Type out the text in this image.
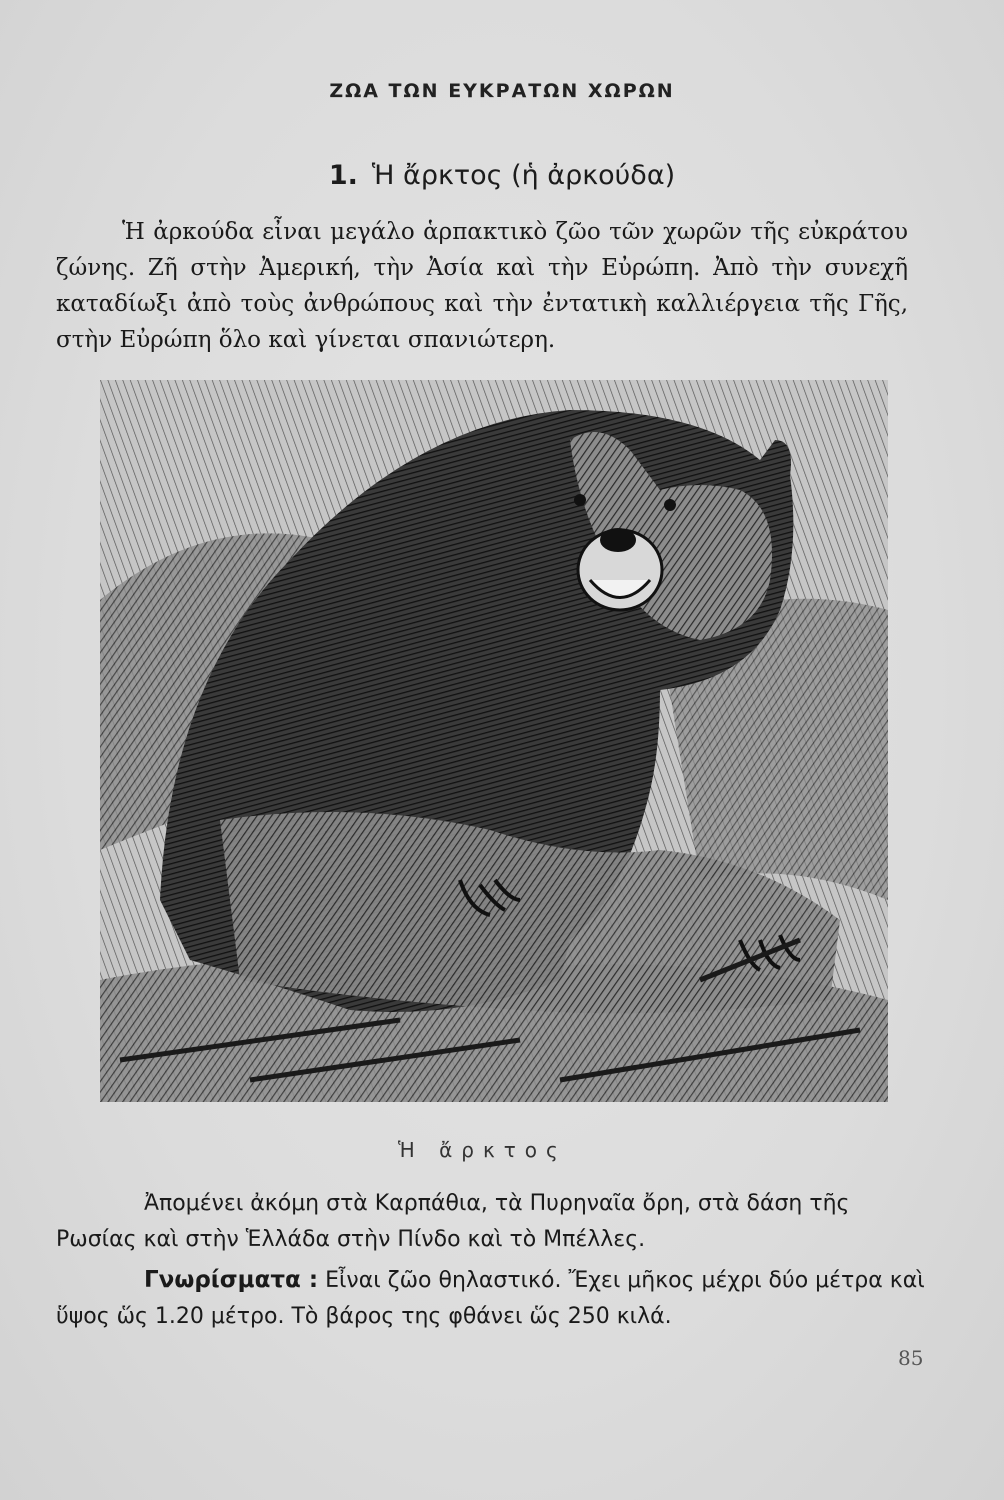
ΖΩΑ ΤΩΝ ΕΥΚΡΑΤΩΝ ΧΩΡΩΝ
1. Ἡ ἄρκτος (ἡ ἀρκούδα)

Ἡ ἀρκούδα εἶναι μεγάλο ἁρπακτικὸ ζῶο τῶν χωρῶν τῆς εὐκράτου ζώνης. Ζῆ στὴν Ἀμερική, τὴν Ἀσία καὶ τὴν Εὐρώπη. Ἀπὸ τὴν συνεχῆ καταδίωξι ἀπὸ τοὺς ἀνθρώπους καὶ τὴν ἐντατικὴ καλλιέργεια τῆς Γῆς, στὴν Εὐρώπη ὅλο καὶ γίνεται σπανιώτερη.

Ἡ ἄρκτος

Ἀπομένει ἀκόμη στὰ Καρπάθια, τὰ Πυρηναῖα ὄρη, στὰ δάση τῆς Ρωσίας καὶ στὴν Ἑλλάδα στὴν Πίνδο καὶ τὸ Μπέλλες.

Γνωρίσματα : Εἶναι ζῶο θηλαστικό. Ἔχει μῆκος μέχρι δύο μέτρα καὶ ὕψος ὥς 1.20 μέτρο. Τὸ βάρος της φθάνει ὥς 250 κιλά.

85
